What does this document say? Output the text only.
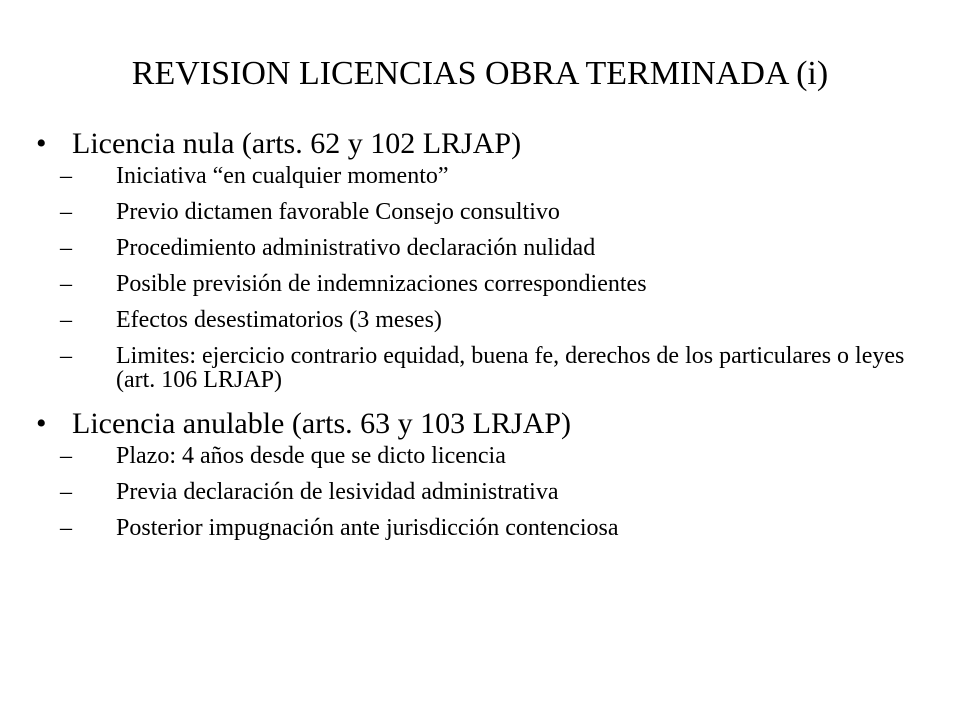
REVISION LICENCIAS OBRA TERMINADA (i)
• Licencia nula (arts. 62 y 102 LRJAP)
– Iniciativa “en cualquier momento”
– Previo dictamen favorable Consejo consultivo
– Procedimiento administrativo declaración nulidad
– Posible previsión de indemnizaciones correspondientes
– Efectos desestimatorios (3 meses)
– Limites: ejercicio contrario equidad, buena fe, derechos de los particulares o leyes (art. 106 LRJAP)
• Licencia anulable (arts. 63 y 103 LRJAP)
– Plazo: 4 años desde que se dicto licencia
– Previa declaración de lesividad administrativa
– Posterior impugnación ante jurisdicción contenciosa
